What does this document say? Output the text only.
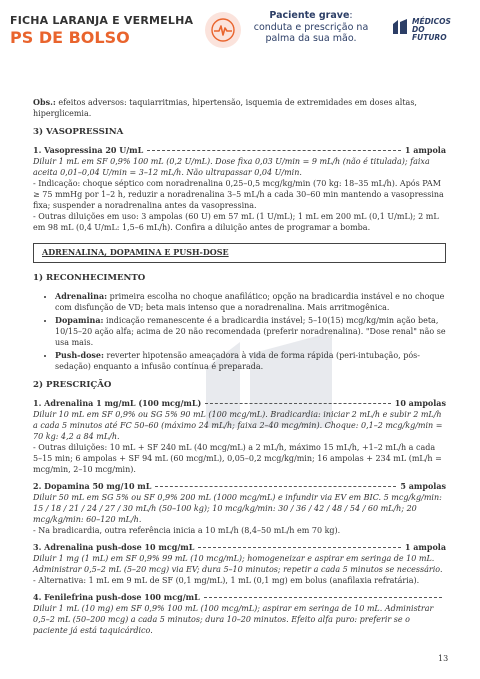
FICHA LARANJA E VERMELHA
PS DE BOLSO
Paciente grave: conduta e prescrição na palma da sua mão.
MÉDICOS
DO FUTURO

Obs.: efeitos adversos: taquiarritmias, hipertensão, isquemia de extremidades em doses altas, hiperglicemia.

3) VASOPRESSINA
1. Vasopressina 20 U/mL	1 ampola

Diluir 1 mL em SF 0,9% 100 mL (0,2 U/mL). Dose fixa 0,03 U/min = 9 mL/h (não é titulada); faixa aceita 0,01–0,04 U/min = 3–12 mL/h. Não ultrapassar 0,04 U/min.

- Indicação: choque séptico com noradrenalina 0,25–0,5 mcg/kg/min (70 kg: 18–35 mL/h). Após PAM ≥ 75 mmHg por 1–2 h, reduzir a noradrenalina 3–5 mL/h a cada 30–60 min mantendo a vasopressina fixa; suspender a noradrenalina antes da vasopressina.

- Outras diluições em uso: 3 ampolas (60 U) em 57 mL (1 U/mL); 1 mL em 200 mL (0,1 U/mL); 2 mL em 98 mL (0,4 U/mL: 1,5–6 mL/h). Confira a diluição antes de programar a bomba.

ADRENALINA, DOPAMINA E PUSH-DOSE
1) RECONHECIMENTO
• Adrenalina: primeira escolha no choque anafilático; opção na bradicardia instável e no choque com disfunção de VD; beta mais intenso que a noradrenalina. Mais arritmogênica.
• Dopamina: indicação remanescente é a bradicardia instável; 5–10(15) mcg/kg/min ação beta, 10/15–20 ação alfa; acima de 20 não recomendada (preferir noradrenalina). "Dose renal" não se usa mais.
• Push-dose: reverter hipotensão ameaçadora à vida de forma rápida (peri-intubação, pós-sedação) enquanto a infusão contínua é preparada.
2) PRESCRIÇÃO
1. Adrenalina 1 mg/mL (100 mcg/mL)	10 ampolas

Diluir 10 mL em SF 0,9% ou SG 5% 90 mL (100 mcg/mL). Bradicardia: iniciar 2 mL/h e subir 2 mL/h a cada 5 minutos até FC 50–60 (máximo 24 mL/h; faixa 2–40 mcg/min). Choque: 0,1–2 mcg/kg/min = 70 kg: 4,2 a 84 mL/h.

- Outras diluições: 10 mL + SF 240 mL (40 mcg/mL) a 2 mL/h, máximo 15 mL/h, +1–2 mL/h a cada 5–15 min; 6 ampolas + SF 94 mL (60 mcg/mL), 0,05–0,2 mcg/kg/min; 16 ampolas + 234 mL (mL/h = mcg/min, 2–10 mcg/min).

2. Dopamina 50 mg/10 mL	5 ampolas

Diluir 50 mL em SG 5% ou SF 0,9% 200 mL (1000 mcg/mL) e infundir via EV em BIC. 5 mcg/kg/min: 15 / 18 / 21 / 24 / 27 / 30 mL/h (50–100 kg); 10 mcg/kg/min: 30 / 36 / 42 / 48 / 54 / 60 mL/h; 20 mcg/kg/min: 60–120 mL/h.

- Na bradicardia, outra referência inicia a 10 mL/h (8,4–50 mL/h em 70 kg).

3. Adrenalina push-dose 10 mcg/mL	1 ampola

Diluir 1 mg (1 mL) em SF 0,9% 99 mL (10 mcg/mL); homogeneizar e aspirar em seringa de 10 mL. Administrar 0,5–2 mL (5–20 mcg) via EV; dura 5–10 minutos; repetir a cada 5 minutos se necessário.

- Alternativa: 1 mL em 9 mL de SF (0,1 mg/mL), 1 mL (0,1 mg) em bolus (anafilaxia refratária).

4. Fenilefrina push-dose 100 mcg/mL

Diluir 1 mL (10 mg) em SF 0,9% 100 mL (100 mcg/mL); aspirar em seringa de 10 mL. Administrar 0,5–2 mL (50–200 mcg) a cada 5 minutos; dura 10–20 minutos. Efeito alfa puro: preferir se o paciente já está taquicárdico.

13
